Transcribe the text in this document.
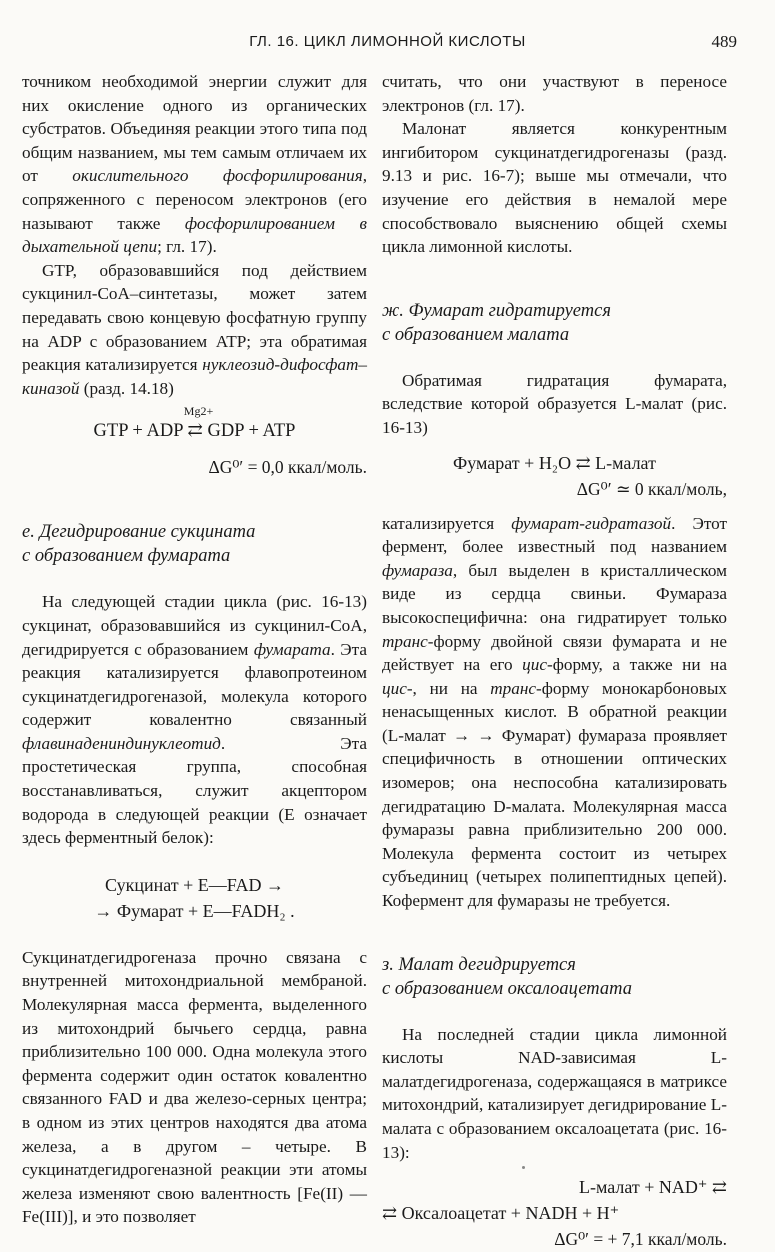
ГЛ. 16. ЦИКЛ ЛИМОННОЙ КИСЛОТЫ	489

точником необходимой энергии служит для них окисление одного из органических субстратов. Объединяя реакции этого типа под общим названием, мы тем самым отличаем их от окислительного фосфорилирования, сопряженного с переносом электронов (его называют также фосфорилированием в дыхательной цепи; гл. 17).

GTP, образовавшийся под действием сукцинил-СоА–синтетазы, может затем передавать свою концевую фосфатную группу на ADP с образованием ATP; эта обратимая реакция катализируется нуклеозид-дифосфат–киназой (разд. 14.18)

Mg2+
GTP + ADP ⇄ GDP + ATP
ΔG⁰′ = 0,0 ккал/моль.

е. Дегидрирование сукцината
с образованием фумарата

На следующей стадии цикла (рис. 16-13) сукцинат, образовавшийся из сукцинил-СоА, дегидрируется с образованием фумарата. Эта реакция катализируется флавопротеином сукцинатдегидрогеназой, молекула которого содержит ковалентно связанный флавинадениндинуклеотид. Эта простетическая группа, способная восстанавливаться, служит акцептором водорода в следующей реакции (E означает здесь ферментный белок):

Сукцинат + E—FAD →
→ Фумарат + E—FADH₂ .

Сукцинатдегидрогеназа прочно связана с внутренней митохондриальной мембраной. Молекулярная масса фермента, выделенного из митохондрий бычьего сердца, равна приблизительно 100 000. Одна молекула этого фермента содержит один остаток ковалентно связанного FAD и два железо-серных центра; в одном из этих центров находятся два атома железа, а в другом – четыре. В сукцинатдегидрогеназной реакции эти атомы железа изменяют свою валентность [Fe(II) — Fe(III)], и это позволяет

считать, что они участвуют в переносе электронов (гл. 17).

Малонат является конкурентным ингибитором сукцинатдегидрогеназы (разд. 9.13 и рис. 16-7); выше мы отмечали, что изучение его действия в немалой мере способствовало выяснению общей схемы цикла лимонной кислоты.

ж. Фумарат гидратируется
с образованием малата

Обратимая гидратация фумарата, вследствие которой образуется L-малат (рис. 16-13)

Фумарат + H₂O ⇄ L-малат
ΔG⁰′ ≃ 0 ккал/моль,

катализируется фумарат-гидратазой. Этот фермент, более известный под названием фумараза, был выделен в кристаллическом виде из сердца свиньи. Фумараза высокоспецифична: она гидратирует только транс-форму двойной связи фумарата и не действует на его цис-форму, а также ни на цис-, ни на транс-форму монокарбоновых ненасыщенных кислот. В обратной реакции (L-малат → → Фумарат) фумараза проявляет специфичность в отношении оптических изомеров; она неспособна катализировать дегидратацию D-малата. Молекулярная масса фумаразы равна приблизительно 200 000. Молекула фермента состоит из четырех субъединиц (четырех полипептидных цепей). Кофермент для фумаразы не требуется.

з. Малат дегидрируется
с образованием оксалоацетата

На последней стадии цикла лимонной кислоты NAD-зависимая L-малатдегидрогеназа, содержащаяся в матриксе митохондрий, катализирует дегидрирование L-малата с образованием оксалоацетата (рис. 16-13):

L-малат + NAD⁺ ⇄
⇄ Оксалоацетат + NADH + H⁺
ΔG⁰′ = + 7,1 ккал/моль.
